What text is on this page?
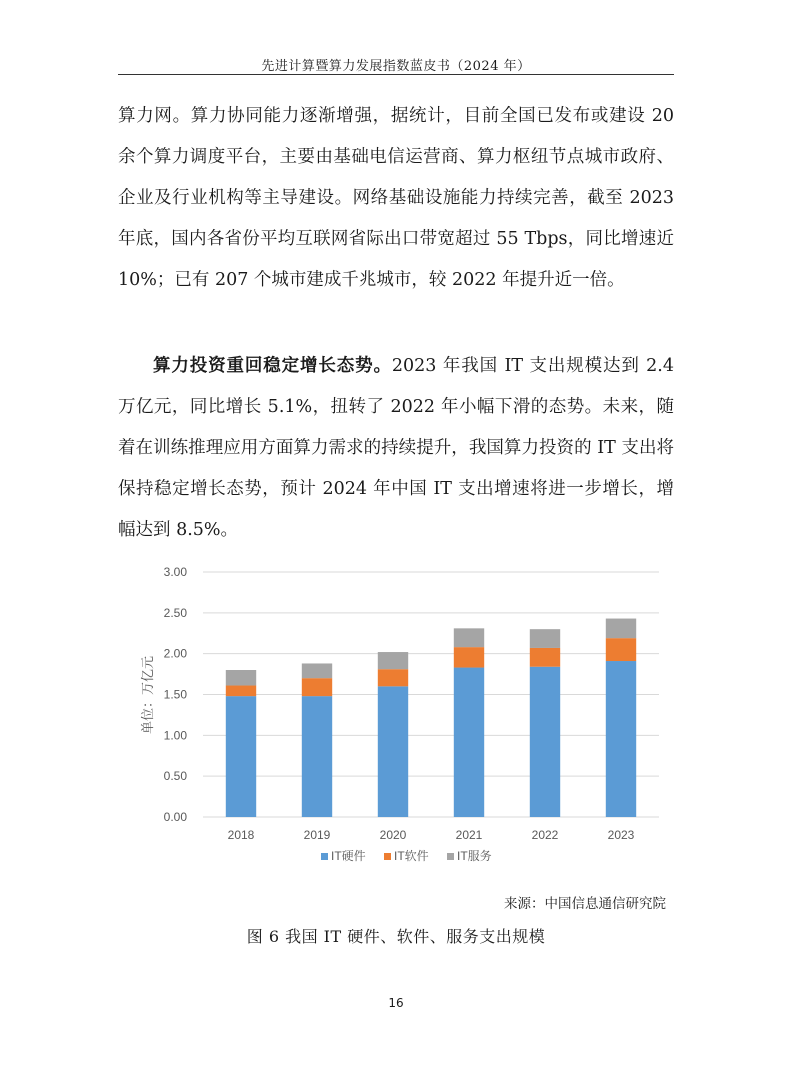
先进计算暨算力发展指数蓝皮书（2024 年）

算力网。算力协同能力逐渐增强，据统计，目前全国已发布或建设 20 余个算力调度平台，主要由基础电信运营商、算力枢纽节点城市政府、企业及行业机构等主导建设。网络基础设施能力持续完善，截至 2023 年底，国内各省份平均互联网省际出口带宽超过 55 Tbps，同比增速近 10%；已有 207 个城市建成千兆城市，较 2022 年提升近一倍。

算力投资重回稳定增长态势。2023 年我国 IT 支出规模达到 2.4 万亿元，同比增长 5.1%，扭转了 2022 年小幅下滑的态势。未来，随着在训练推理应用方面算力需求的持续提升，我国算力投资的 IT 支出将保持稳定增长态势，预计 2024 年中国 IT 支出增速将进一步增长，增幅达到 8.5%。

0.00
0.50
1.00
1.50
2.00
2.50
3.00
2018	2019	2020	2021	2022	2023
单位：万亿元
IT硬件 IT软件 IT服务
来源：中国信息通信研究院
图 6 我国 IT 硬件、软件、服务支出规模
16
